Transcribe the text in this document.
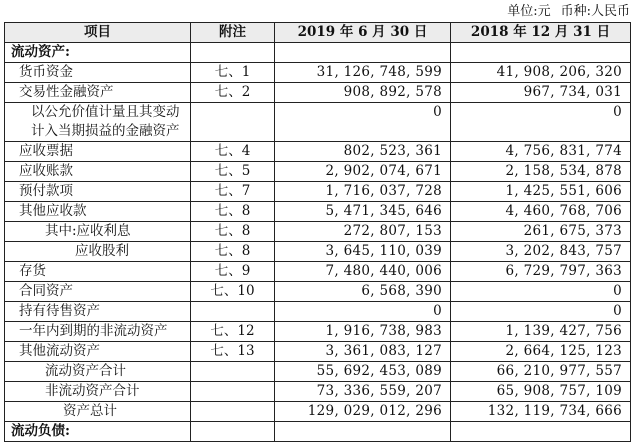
单位:元 币种:人民币
项目	附注	2019 年 6 月 30 日	2018 年 12 月 31 日
流动资产:			
货币资金	七、1	31, 126, 748, 599	41, 908, 206, 320
交易性金融资产	七、2	908, 892, 578	967, 734, 031
以公允价值计量且其变动计入当期损益的金融资产		0	0
应收票据	七、4	802, 523, 361	4, 756, 831, 774
应收账款	七、5	2, 902, 074, 671	2, 158, 534, 878
预付款项	七、7	1, 716, 037, 728	1, 425, 551, 606
其他应收款	七、8	5, 471, 345, 646	4, 460, 768, 706
其中:应收利息	七、8	272, 807, 153	261, 675, 373
应收股利	七、8	3, 645, 110, 039	3, 202, 843, 757
存货	七、9	7, 480, 440, 006	6, 729, 797, 363
合同资产	七、10	6, 568, 390	0
持有待售资产		0	0
一年内到期的非流动资产	七、12	1, 916, 738, 983	1, 139, 427, 756
其他流动资产	七、13	3, 361, 083, 127	2, 664, 125, 123
流动资产合计		55, 692, 453, 089	66, 210, 977, 557
非流动资产合计		73, 336, 559, 207	65, 908, 757, 109
资产总计		129, 029, 012, 296	132, 119, 734, 666
流动负债:			
